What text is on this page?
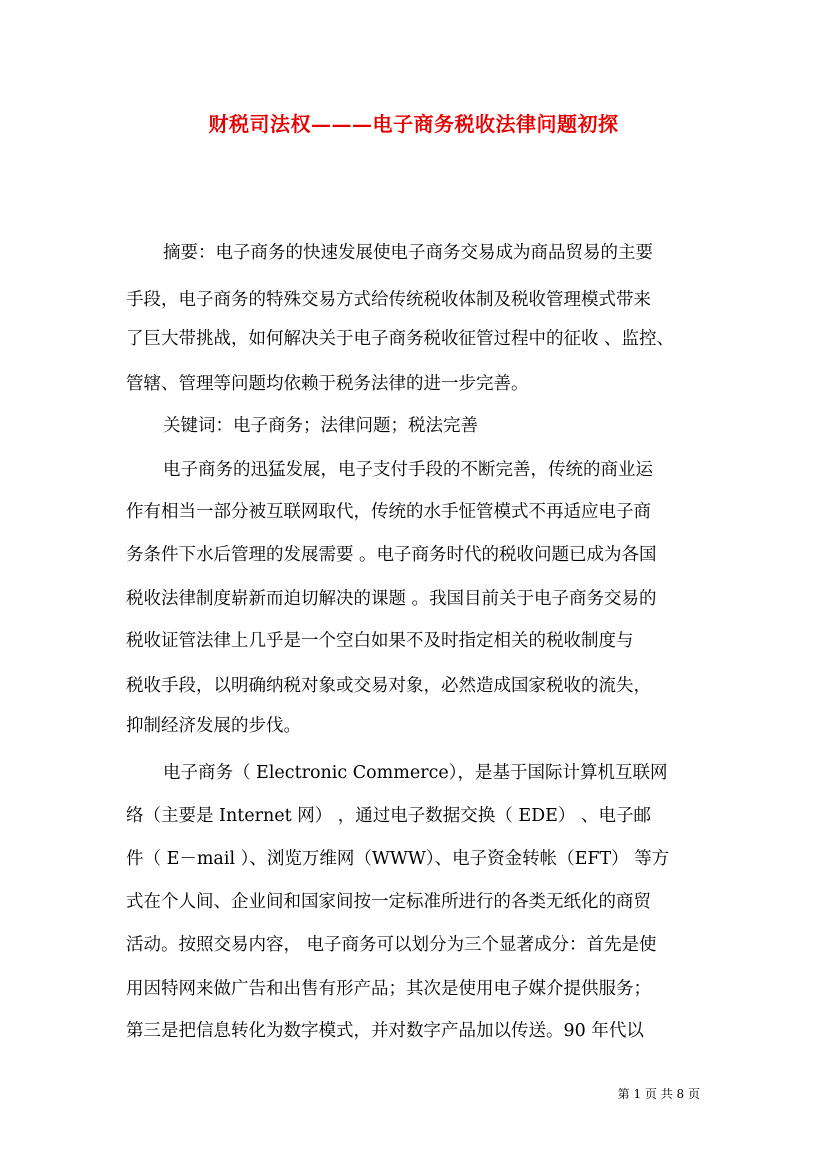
财税司法权———电子商务税收法律问题初探
摘要：电子商务的快速发展使电子商务交易成为商品贸易的主要
手段，电子商务的特殊交易方式给传统税收体制及税收管理模式带来
了巨大带挑战，如何解决关于电子商务税收征管过程中的征收 、监控、
管辖、管理等问题均依赖于税务法律的进一步完善。
关键词：电子商务；法律问题；税法完善
电子商务的迅猛发展，电子支付手段的不断完善，传统的商业运
作有相当一部分被互联网取代，传统的水手怔管模式不再适应电子商
务条件下水后管理的发展需要 。电子商务时代的税收问题已成为各国
税收法律制度崭新而迫切解决的课题 。我国目前关于电子商务交易的
税收证管法律上几乎是一个空白如果不及时指定相关的税收制度与
税收手段，以明确纳税对象或交易对象，必然造成国家税收的流失，
抑制经济发展的步伐。
电子商务（ Electronic Commerce），是基于国际计算机互联网
络（主要是 Internet 网） ，通过电子数据交换（ EDE） 、电子邮
件（ E－mail ）、浏览万维网（WWW）、电子资金转帐（EFT） 等方
式在个人间、企业间和国家间按一定标准所进行的各类无纸化的商贸
活动。按照交易内容， 电子商务可以划分为三个显著成分：首先是使
用因特网来做广告和出售有形产品；其次是使用电子媒介提供服务；
第三是把信息转化为数字模式，并对数字产品加以传送。90 年代以
第 1 页 共 8 页
